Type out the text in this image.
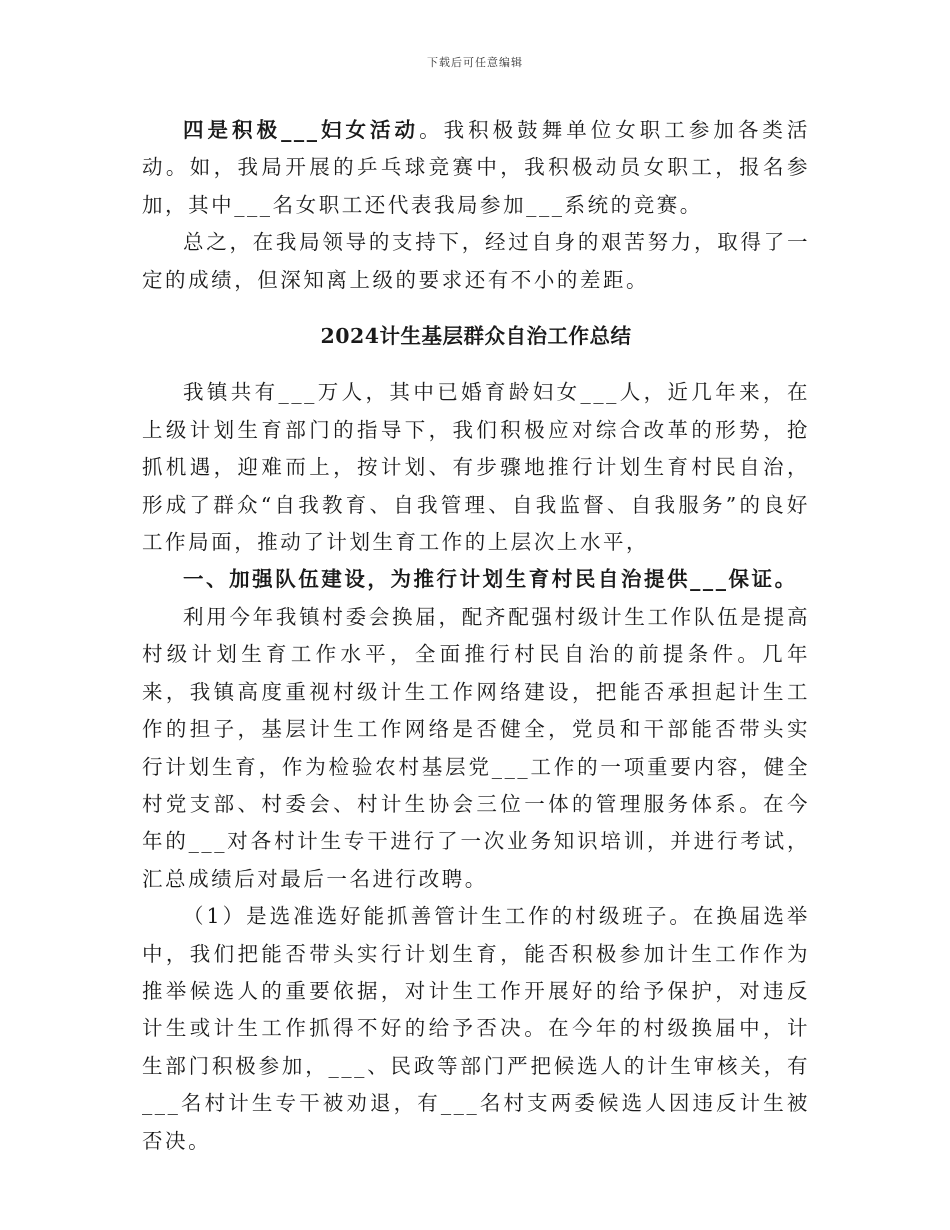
下载后可任意编辑

四是积极___妇女活动。我积极鼓舞单位女职工参加各类活动。如，我局开展的乒乓球竞赛中，我积极动员女职工，报名参加，其中___名女职工还代表我局参加___系统的竞赛。

总之，在我局领导的支持下，经过自身的艰苦努力，取得了一定的成绩，但深知离上级的要求还有不小的差距。

2024计生基层群众自治工作总结

我镇共有___万人，其中已婚育龄妇女___人，近几年来，在上级计划生育部门的指导下，我们积极应对综合改革的形势，抢抓机遇，迎难而上，按计划、有步骤地推行计划生育村民自治，形成了群众“自我教育、自我管理、自我监督、自我服务”的良好工作局面，推动了计划生育工作的上层次上水平，

一、加强队伍建设，为推行计划生育村民自治提供___保证。

利用今年我镇村委会换届，配齐配强村级计生工作队伍是提高村级计划生育工作水平，全面推行村民自治的前提条件。几年来，我镇高度重视村级计生工作网络建设，把能否承担起计生工作的担子，基层计生工作网络是否健全，党员和干部能否带头实行计划生育，作为检验农村基层党___工作的一项重要内容，健全村党支部、村委会、村计生协会三位一体的管理服务体系。在今年的___对各村计生专干进行了一次业务知识培训，并进行考试，汇总成绩后对最后一名进行改聘。

（1）是选准选好能抓善管计生工作的村级班子。在换届选举中，我们把能否带头实行计划生育，能否积极参加计生工作作为推举候选人的重要依据，对计生工作开展好的给予保护，对违反计生或计生工作抓得不好的给予否决。在今年的村级换届中，计生部门积极参加，___、民政等部门严把候选人的计生审核关，有___名村计生专干被劝退，有___名村支两委候选人因违反计生被否决。
